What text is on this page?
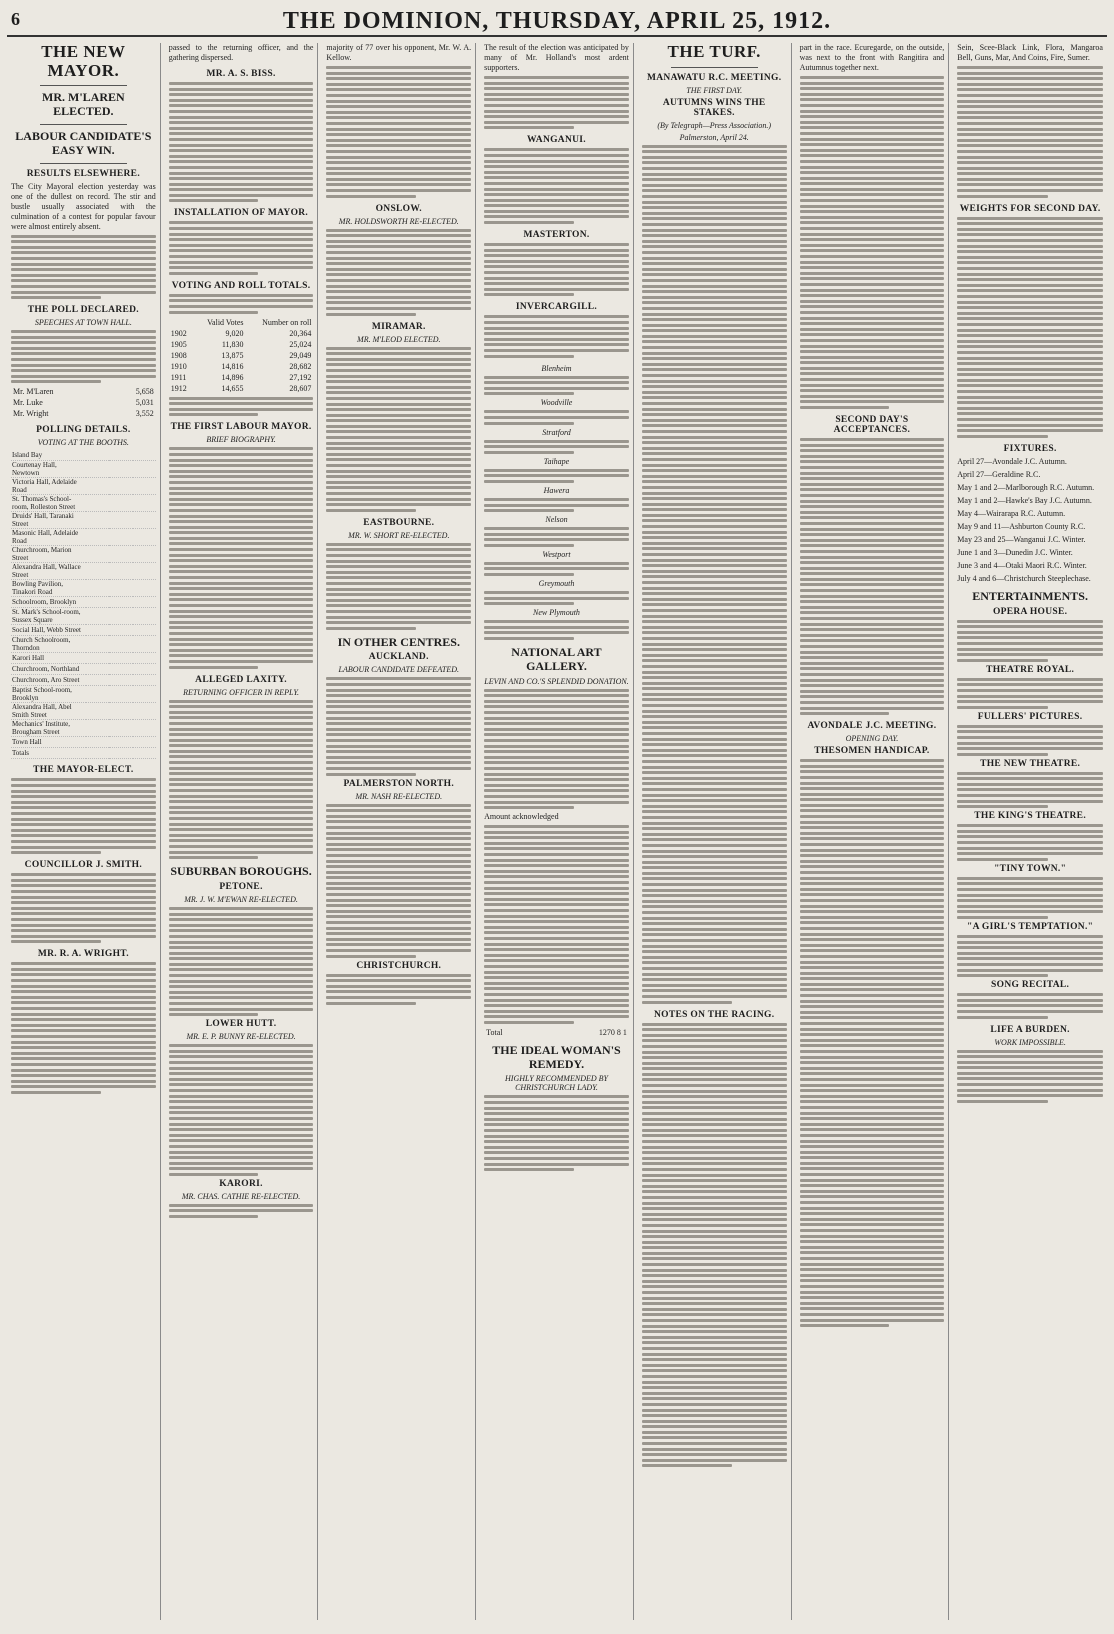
6	THE DOMINION, THURSDAY, APRIL 25, 1912.
THE NEW MAYOR.
MR. M'LAREN ELECTED.
LABOUR CANDIDATE'S EASY WIN.
RESULTS ELSEWHERE.
The City Mayoral election yesterday was one of the dullest on record. The stir and bustle usually associated with the culmination of a contest for popular favour were almost entirely absent.
THE POLL DECLARED.
SPEECHES AT TOWN HALL.
Mr. M'Laren	5,658
Mr. Luke	5,031
Mr. Wright	3,552
POLLING DETAILS.
VOTING AT THE BOOTHS.
Island Bay			
Courtenay Hall, Newtown			
Victoria Hall, Adelaide Road			
St. Thomas's School-room, Rolleston Street			
Druids' Hall, Taranaki Street			
Masonic Hall, Adelaide Road			
Churchroom, Marion Street			
Alexandra Hall, Wallace Street			
Bowling Pavilion, Tinakori Road			
Schoolroom, Brooklyn			
St. Mark's School-room, Sussex Square			
Social Hall, Webb Street			
Church Schoolroom, Thorndon			
Karori Hall			
Churchroom, Northland			
Churchroom, Aro Street			
Baptist School-room, Brooklyn			
Alexandra Hall, Abel Smith Street			
Mechanics' Institute, Brougham Street			
Town Hall			
Totals			
THE MAYOR-ELECT.
COUNCILLOR J. SMITH.
MR. R. A. WRIGHT.
passed to the returning officer, and the gathering dispersed.
MR. A. S. BISS.
INSTALLATION OF MAYOR.
VOTING AND ROLL TOTALS.
	Valid Votes	Number on roll
1902	9,020	20,364
1905	11,830	25,024
1908	13,875	29,049
1910	14,816	28,682
1911	14,896	27,192
1912	14,655	28,607
THE FIRST LABOUR MAYOR.
BRIEF BIOGRAPHY.
ALLEGED LAXITY.
RETURNING OFFICER IN REPLY.
SUBURBAN BOROUGHS.
PETONE.
MR. J. W. M'EWAN RE-ELECTED.
LOWER HUTT.
MR. E. P. BUNNY RE-ELECTED.
KARORI.
MR. CHAS. CATHIE RE-ELECTED.
majority of 77 over his opponent, Mr. W. A. Kellow.
ONSLOW.
MR. HOLDSWORTH RE-ELECTED.
MIRAMAR.
MR. M'LEOD ELECTED.
EASTBOURNE.
MR. W. SHORT RE-ELECTED.
IN OTHER CENTRES.
AUCKLAND.
LABOUR CANDIDATE DEFEATED.
PALMERSTON NORTH.
MR. NASH RE-ELECTED.
CHRISTCHURCH.
The result of the election was anticipated by many of Mr. Holland's most ardent supporters.
WANGANUI.
MASTERTON.
INVERCARGILL.
Blenheim
Woodville
Stratford
Taihape
Hawera
Nelson
Westport
Greymouth
New Plymouth
NATIONAL ART GALLERY.
LEVIN AND CO.'S SPLENDID DONATION.
Amount acknowledged
Total	1270 8 1
THE IDEAL WOMAN'S REMEDY.
HIGHLY RECOMMENDED BY CHRISTCHURCH LADY.
THE TURF.
MANAWATU R.C. MEETING.
THE FIRST DAY.
AUTUMNS WINS THE STAKES.
(By Telegraph—Press Association.)
Palmerston, April 24.
NOTES ON THE RACING.
part in the race. Ecuregarde, on the outside, was next to the front with Rangitira and Autumnus together next.
SECOND DAY'S ACCEPTANCES.
AVONDALE J.C. MEETING.
OPENING DAY.
THESOMEN HANDICAP.
Sein, Scee-Black Link, Flora, Mangaroa Bell, Guns, Mar, And Coins, Fire, Sumer.
WEIGHTS FOR SECOND DAY.
FIXTURES.
April 27—Avondale J.C. Autumn.
April 27—Geraldine R.C.
May 1 and 2—Marlborough R.C. Autumn.
May 1 and 2—Hawke's Bay J.C. Autumn.
May 4—Wairarapa R.C. Autumn.
May 9 and 11—Ashburton County R.C.
May 23 and 25—Wanganui J.C. Winter.
June 1 and 3—Dunedin J.C. Winter.
June 3 and 4—Otaki Maori R.C. Winter.
July 4 and 6—Christchurch Steeplechase.
ENTERTAINMENTS.
OPERA HOUSE.
THEATRE ROYAL.
FULLERS' PICTURES.
THE NEW THEATRE.
THE KING'S THEATRE.
"TINY TOWN."
"A GIRL'S TEMPTATION."
SONG RECITAL.
LIFE A BURDEN.
WORK IMPOSSIBLE.
